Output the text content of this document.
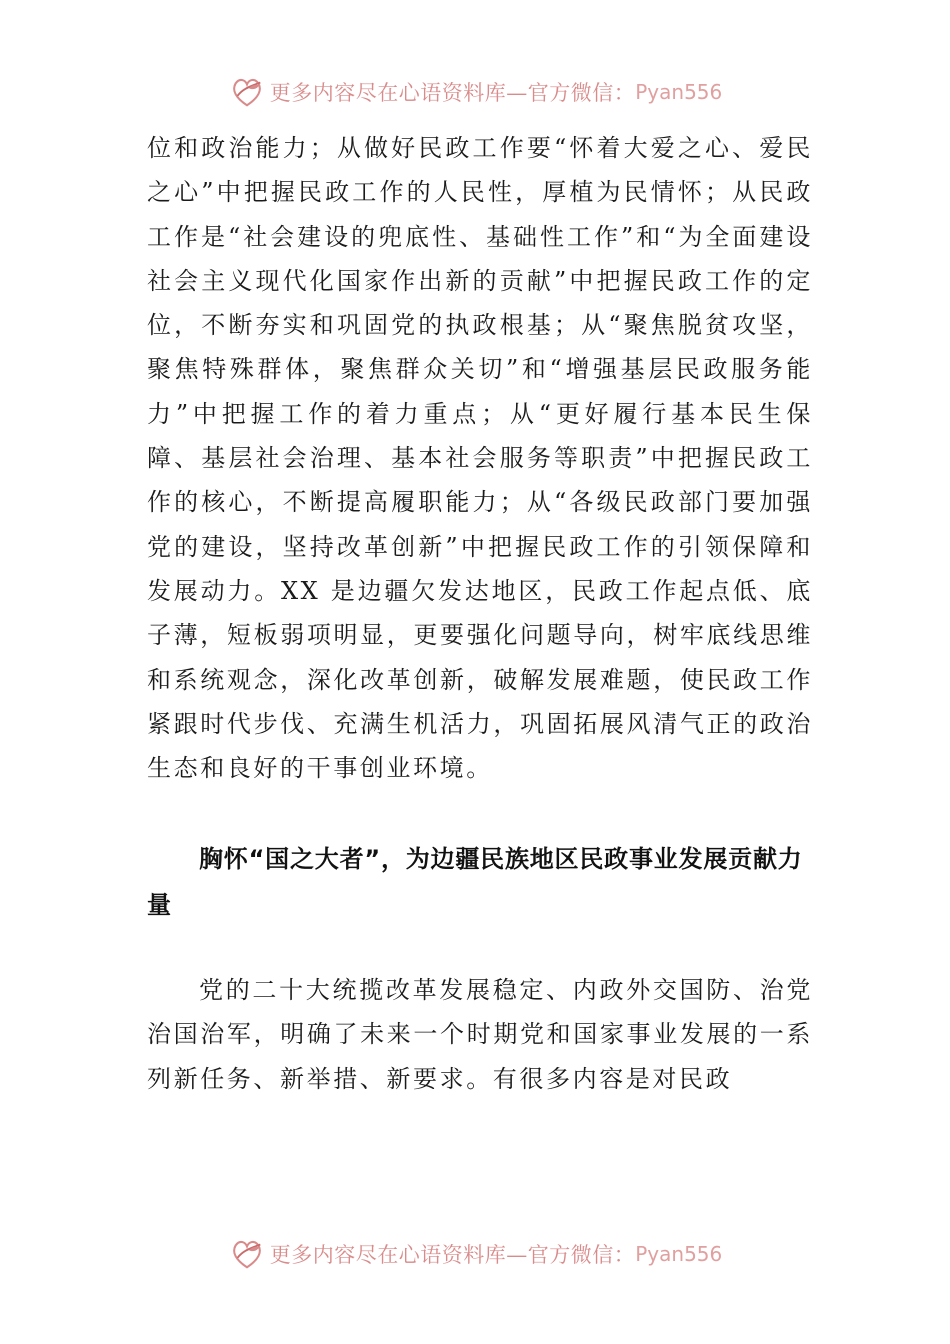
更多内容尽在心语资料库—官方微信： Pyan556

位和政治能力；从做好民政工作要“怀着大爱之心、爱民之心”中把握民政工作的人民性，厚植为民情怀；从民政工作是“社会建设的兜底性、基础性工作”和“为全面建设社会主义现代化国家作出新的贡献”中把握民政工作的定位，不断夯实和巩固党的执政根基；从“聚焦脱贫攻坚，聚焦特殊群体，聚焦群众关切”和“增强基层民政服务能力”中把握工作的着力重点；从“更好履行基本民生保障、基层社会治理、基本社会服务等职责”中把握民政工作的核心，不断提高履职能力；从“各级民政部门要加强党的建设，坚持改革创新”中把握民政工作的引领保障和发展动力。XX 是边疆欠发达地区，民政工作起点低、底子薄，短板弱项明显，更要强化问题导向，树牢底线思维和系统观念，深化改革创新，破解发展难题，使民政工作紧跟时代步伐、充满生机活力，巩固拓展风清气正的政治生态和良好的干事创业环境。

胸怀“国之大者”，为边疆民族地区民政事业发展贡献力量

党的二十大统揽改革发展稳定、内政外交国防、治党治国治军，明确了未来一个时期党和国家事业发展的一系列新任务、新举措、新要求。有很多内容是对民政

更多内容尽在心语资料库—官方微信： Pyan556
